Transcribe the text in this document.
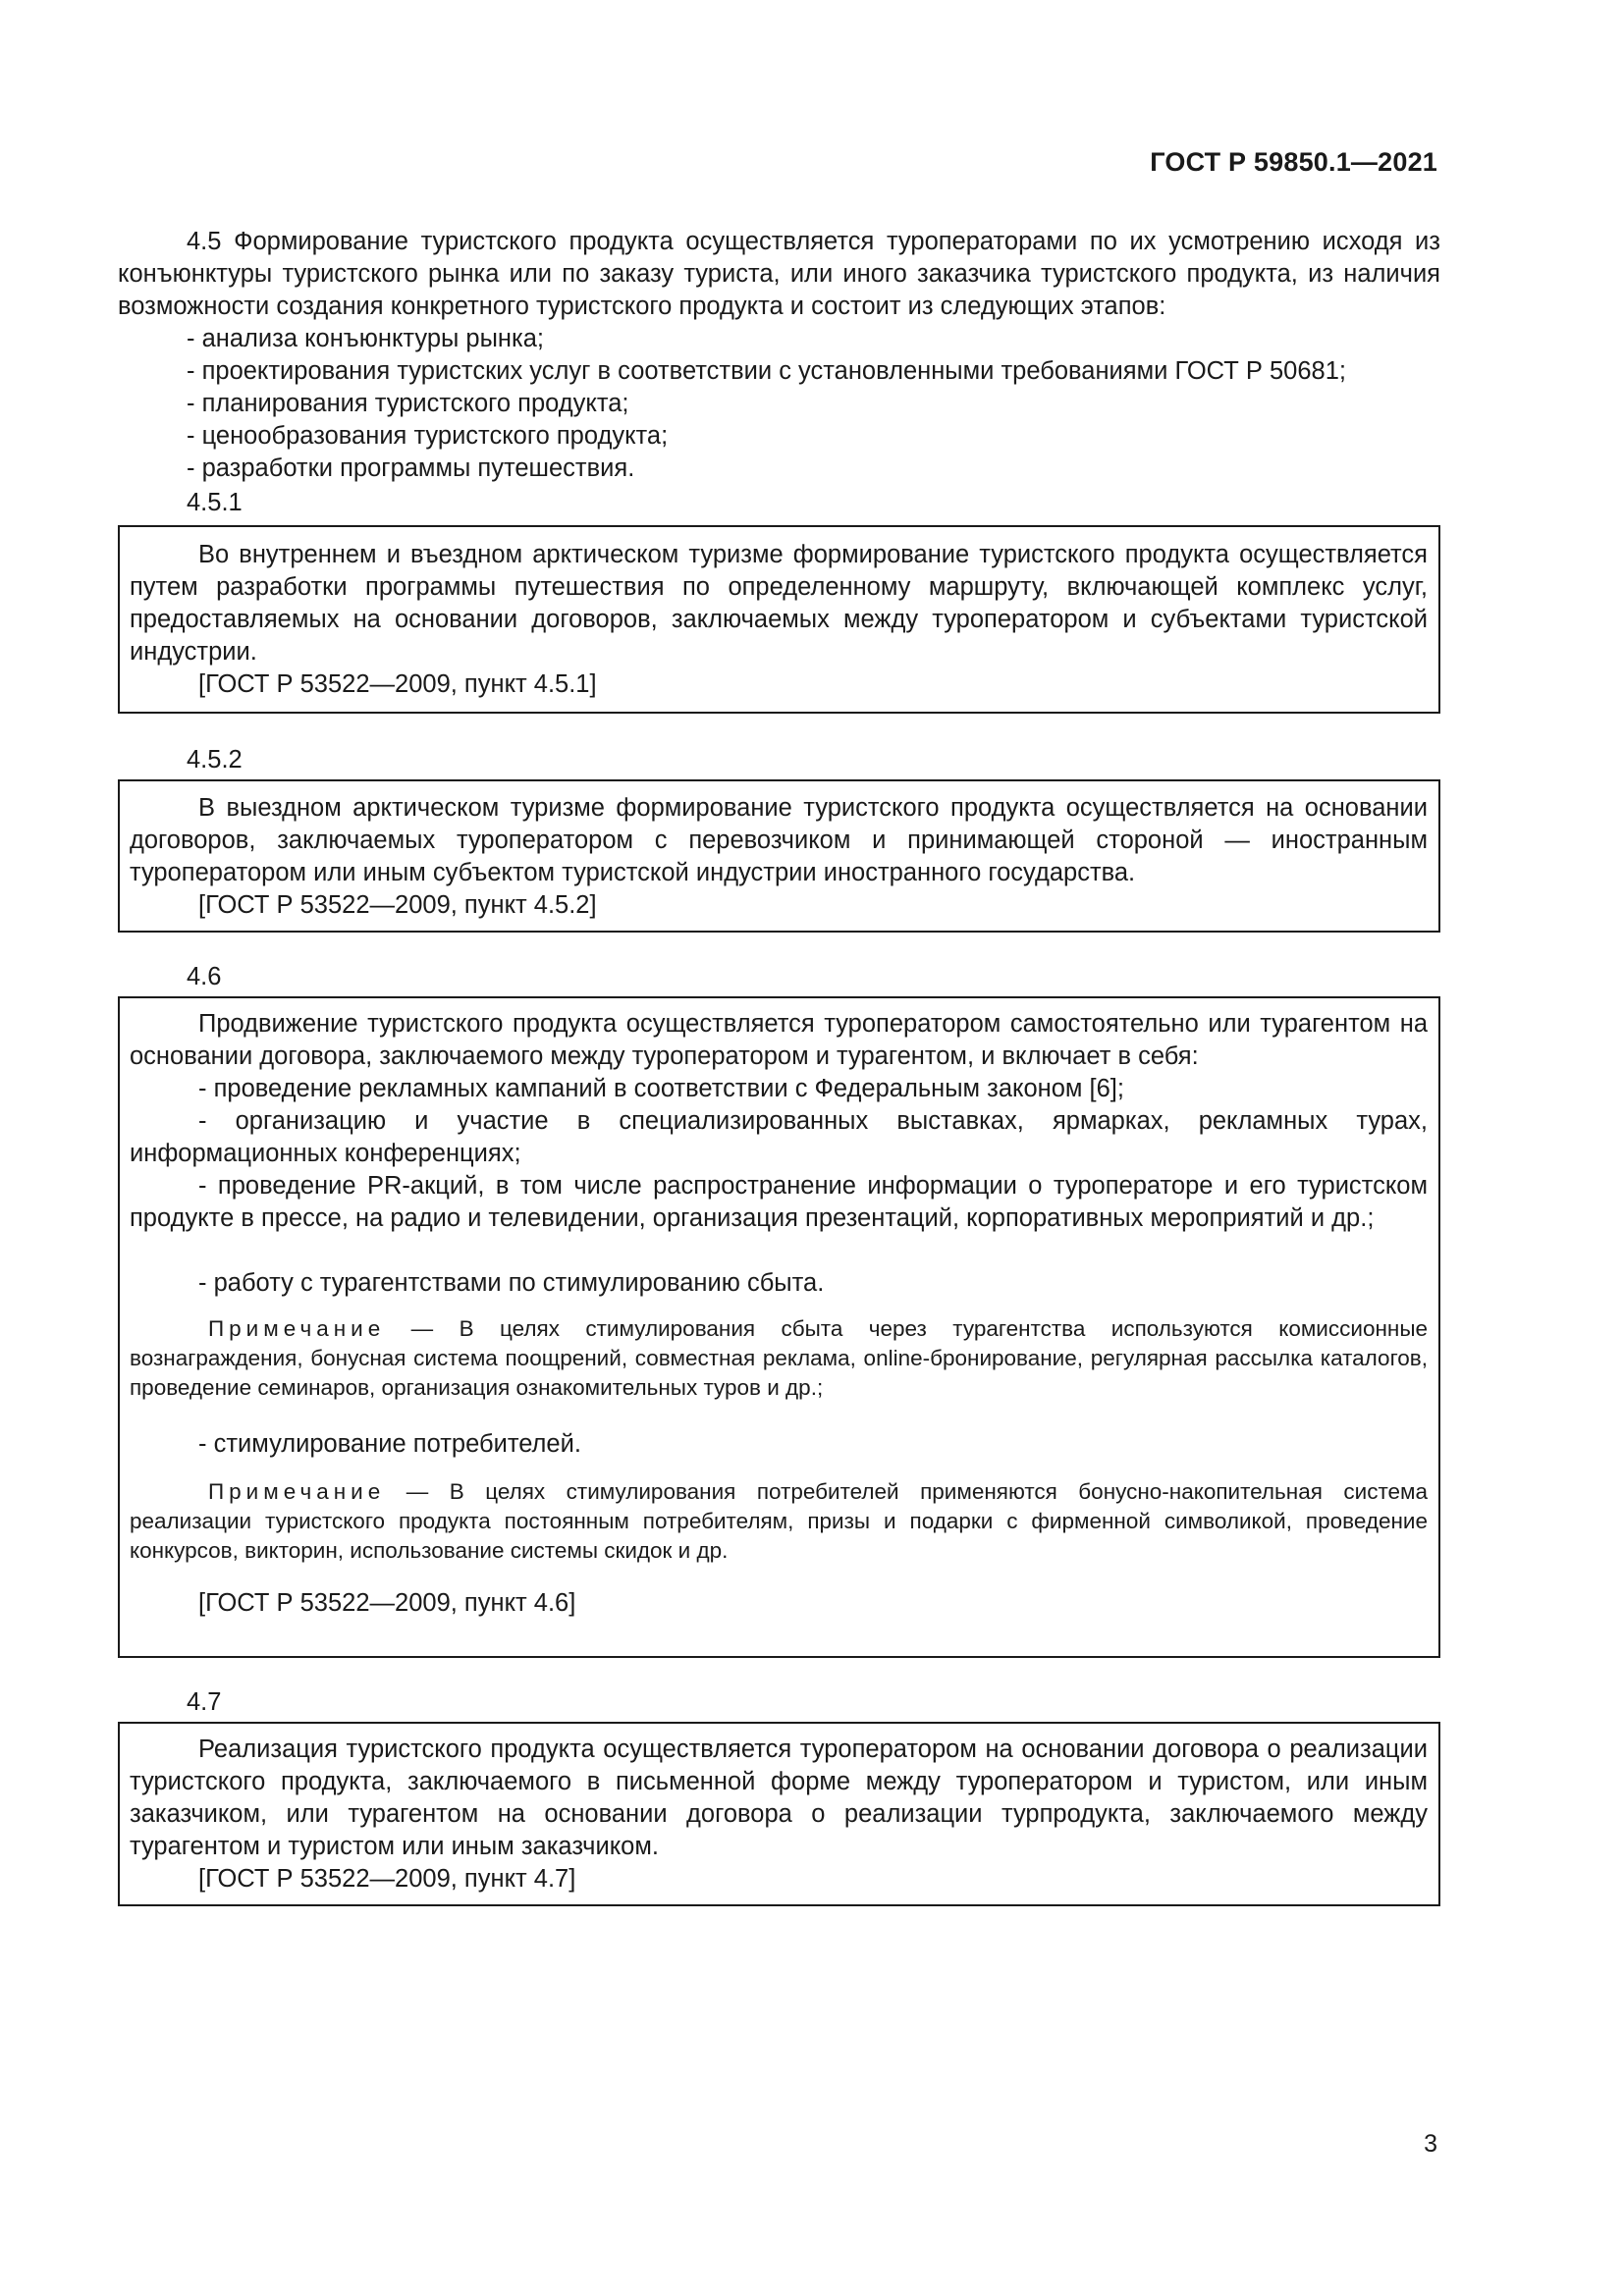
ГОСТ Р 59850.1—2021
4.5 Формирование туристского продукта осуществляется туроператорами по их усмотрению исходя из конъюнктуры туристского рынка или по заказу туриста, или иного заказчика туристского продукта, из наличия возможности создания конкретного туристского продукта и состоит из следующих этапов:
- анализа конъюнктуры рынка;
- проектирования туристских услуг в соответствии с установленными требованиями ГОСТ Р 50681;
- планирования туристского продукта;
- ценообразования туристского продукта;
- разработки программы путешествия.
4.5.1
Во внутреннем и въездном арктическом туризме формирование туристского продукта осуществляется путем разработки программы путешествия по определенному маршруту, включающей комплекс услуг, предоставляемых на основании договоров, заключаемых между туроператором и субъектами туристской индустрии.
[ГОСТ Р 53522—2009, пункт 4.5.1]
4.5.2
В выездном арктическом туризме формирование туристского продукта осуществляется на основании договоров, заключаемых туроператором с перевозчиком и принимающей стороной — иностранным туроператором или иным субъектом туристской индустрии иностранного государства.
[ГОСТ Р 53522—2009, пункт 4.5.2]
4.6
Продвижение туристского продукта осуществляется туроператором самостоятельно или турагентом на основании договора, заключаемого между туроператором и турагентом, и включает в себя:
- проведение рекламных кампаний в соответствии с Федеральным законом [6];
- организацию и участие в специализированных выставках, ярмарках, рекламных турах, информационных конференциях;
- проведение PR-акций, в том числе распространение информации о туроператоре и его туристском продукте в прессе, на радио и телевидении, организация презентаций, корпоративных мероприятий и др.;
- работу с турагентствами по стимулированию сбыта.
Примечание — В целях стимулирования сбыта через турагентства используются комиссионные вознаграждения, бонусная система поощрений, совместная реклама, online-бронирование, регулярная рассылка каталогов, проведение семинаров, организация ознакомительных туров и др.;
- стимулирование потребителей.
Примечание — В целях стимулирования потребителей применяются бонусно-накопительная система реализации туристского продукта постоянным потребителям, призы и подарки с фирменной символикой, проведение конкурсов, викторин, использование системы скидок и др.
[ГОСТ Р 53522—2009, пункт 4.6]
4.7
Реализация туристского продукта осуществляется туроператором на основании договора о реализации туристского продукта, заключаемого в письменной форме между туроператором и туристом, или иным заказчиком, или турагентом на основании договора о реализации турпродукта, заключаемого между турагентом и туристом или иным заказчиком.
[ГОСТ Р 53522—2009, пункт 4.7]
3
